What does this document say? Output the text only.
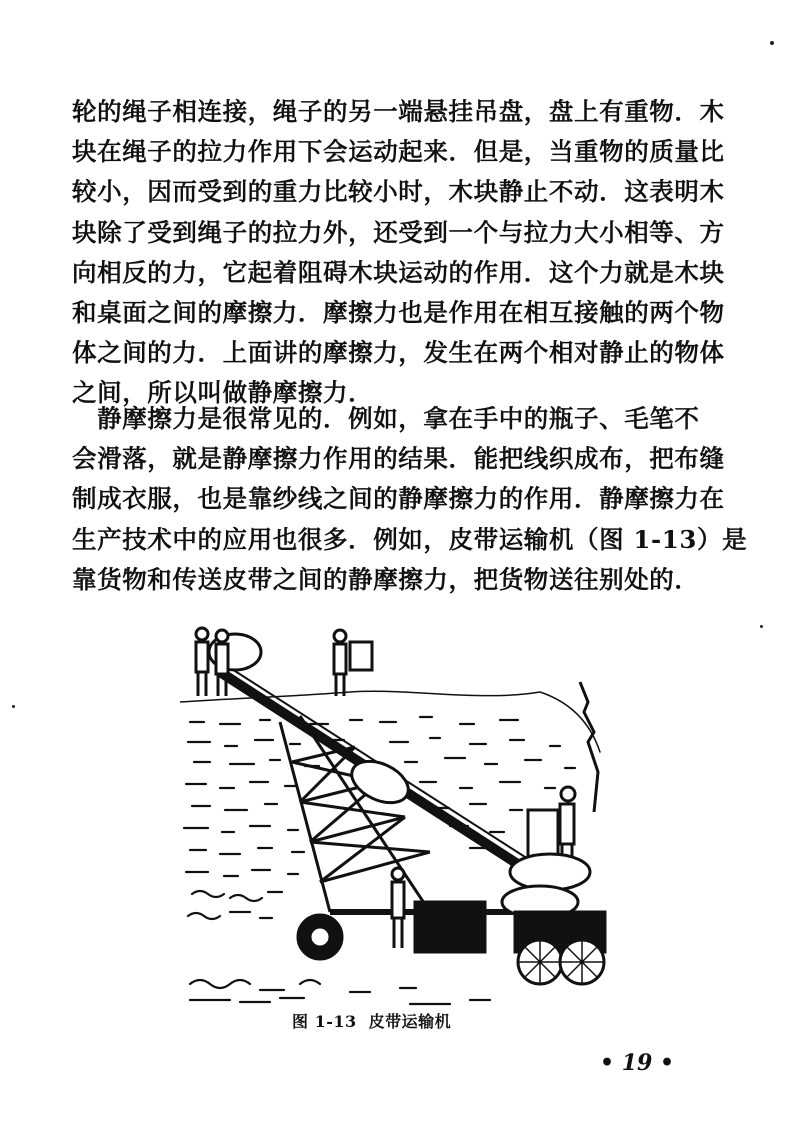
轮的绳子相连接，绳子的另一端悬挂吊盘，盘上有重物．木
块在绳子的拉力作用下会运动起来．但是，当重物的质量比
较小，因而受到的重力比较小时，木块静止不动．这表明木
块除了受到绳子的拉力外，还受到一个与拉力大小相等、方
向相反的力，它起着阻碍木块运动的作用．这个力就是木块
和桌面之间的摩擦力．摩擦力也是作用在相互接触的两个物
体之间的力．上面讲的摩擦力，发生在两个相对静止的物体
之间，所以叫做静摩擦力．
　静摩擦力是很常见的．例如，拿在手中的瓶子、毛笔不
会滑落，就是静摩擦力作用的结果．能把线织成布，把布缝
制成衣服，也是靠纱线之间的静摩擦力的作用．静摩擦力在
生产技术中的应用也很多．例如，皮带运输机（图 1-13）是
靠货物和传送皮带之间的静摩擦力，把货物送往别处的．
图 1-13 皮带运输机
• 19 •
